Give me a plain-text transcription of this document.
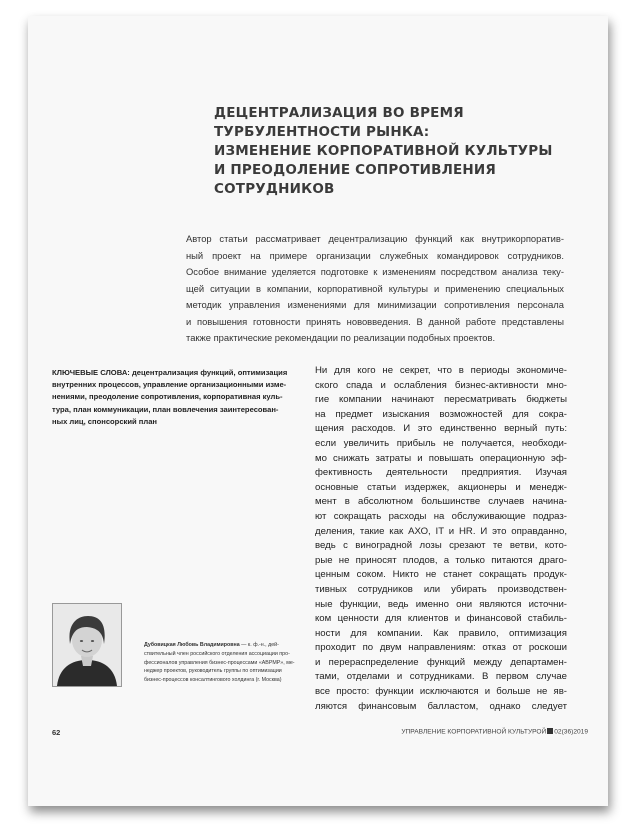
ДЕЦЕНТРАЛИЗАЦИЯ ВО ВРЕМЯ
ТУРБУЛЕНТНОСТИ РЫНКА:
ИЗМЕНЕНИЕ КОРПОРАТИВНОЙ КУЛЬТУРЫ
И ПРЕОДОЛЕНИЕ СОПРОТИВЛЕНИЯ
СОТРУДНИКОВ
Автор статьи рассматривает децентрализацию функций как внутрикорпоратив-
ный проект на примере организации служебных командировок сотрудников.
Особое внимание уделяется подготовке к изменениям посредством анализа теку-
щей ситуации в компании, корпоративной культуры и применению специальных
методик управления изменениями для минимизации сопротивления персонала
и повышения готовности принять нововведения. В данной работе представлены
также практические рекомендации по реализации подобных проектов.
КЛЮЧЕВЫЕ СЛОВА: децентрализация функций, оптимизация
внутренних процессов, управление организационными изме-
нениями, преодоление сопротивления, корпоративная куль-
тура, план коммуникации, план вовлечения заинтересован-
ных лиц, спонсорский план
Ни для кого не секрет, что в периоды экономиче-
ского спада и ослабления бизнес-активности мно-
гие компании начинают пересматривать бюджеты
на предмет изыскания возможностей для сокра-
щения расходов. И это единственно верный путь:
если увеличить прибыль не получается, необходи-
мо снижать затраты и повышать операционную эф-
фективность деятельности предприятия. Изучая
основные статьи издержек, акционеры и менедж-
мент в абсолютном большинстве случаев начина-
ют сокращать расходы на обслуживающие подраз-
деления, такие как АХО, IT и HR. И это оправданно,
ведь с виноградной лозы срезают те ветви, кото-
рые не приносят плодов, а только питаются драго-
ценным соком. Никто не станет сокращать продук-
тивных сотрудников или убирать производствен-
ные функции, ведь именно они являются источни-
ком ценности для клиентов и финансовой стабиль-
ности для компании. Как правило, оптимизация
проходит по двум направлениям: отказ от роскоши
и перераспределение функций между департамен-
тами, отделами и сотрудниками. В первом случае
все просто: функции исключаются и больше не яв-
ляются финансовым балластом, однако следует
Дубовицкая Любовь Владимировна — к. ф.-н., дей-
ствительный член российского отделения ассоциации про-
фессионалов управления бизнес-процессами «ABPMP», ме-
неджер проектов, руководитель группы по оптимизации
бизнес-процессов консалтингового холдинга (г. Москва)
62	УПРАВЛЕНИЕ КОРПОРАТИВНОЙ КУЛЬТУРОЙ 02(36)2019
